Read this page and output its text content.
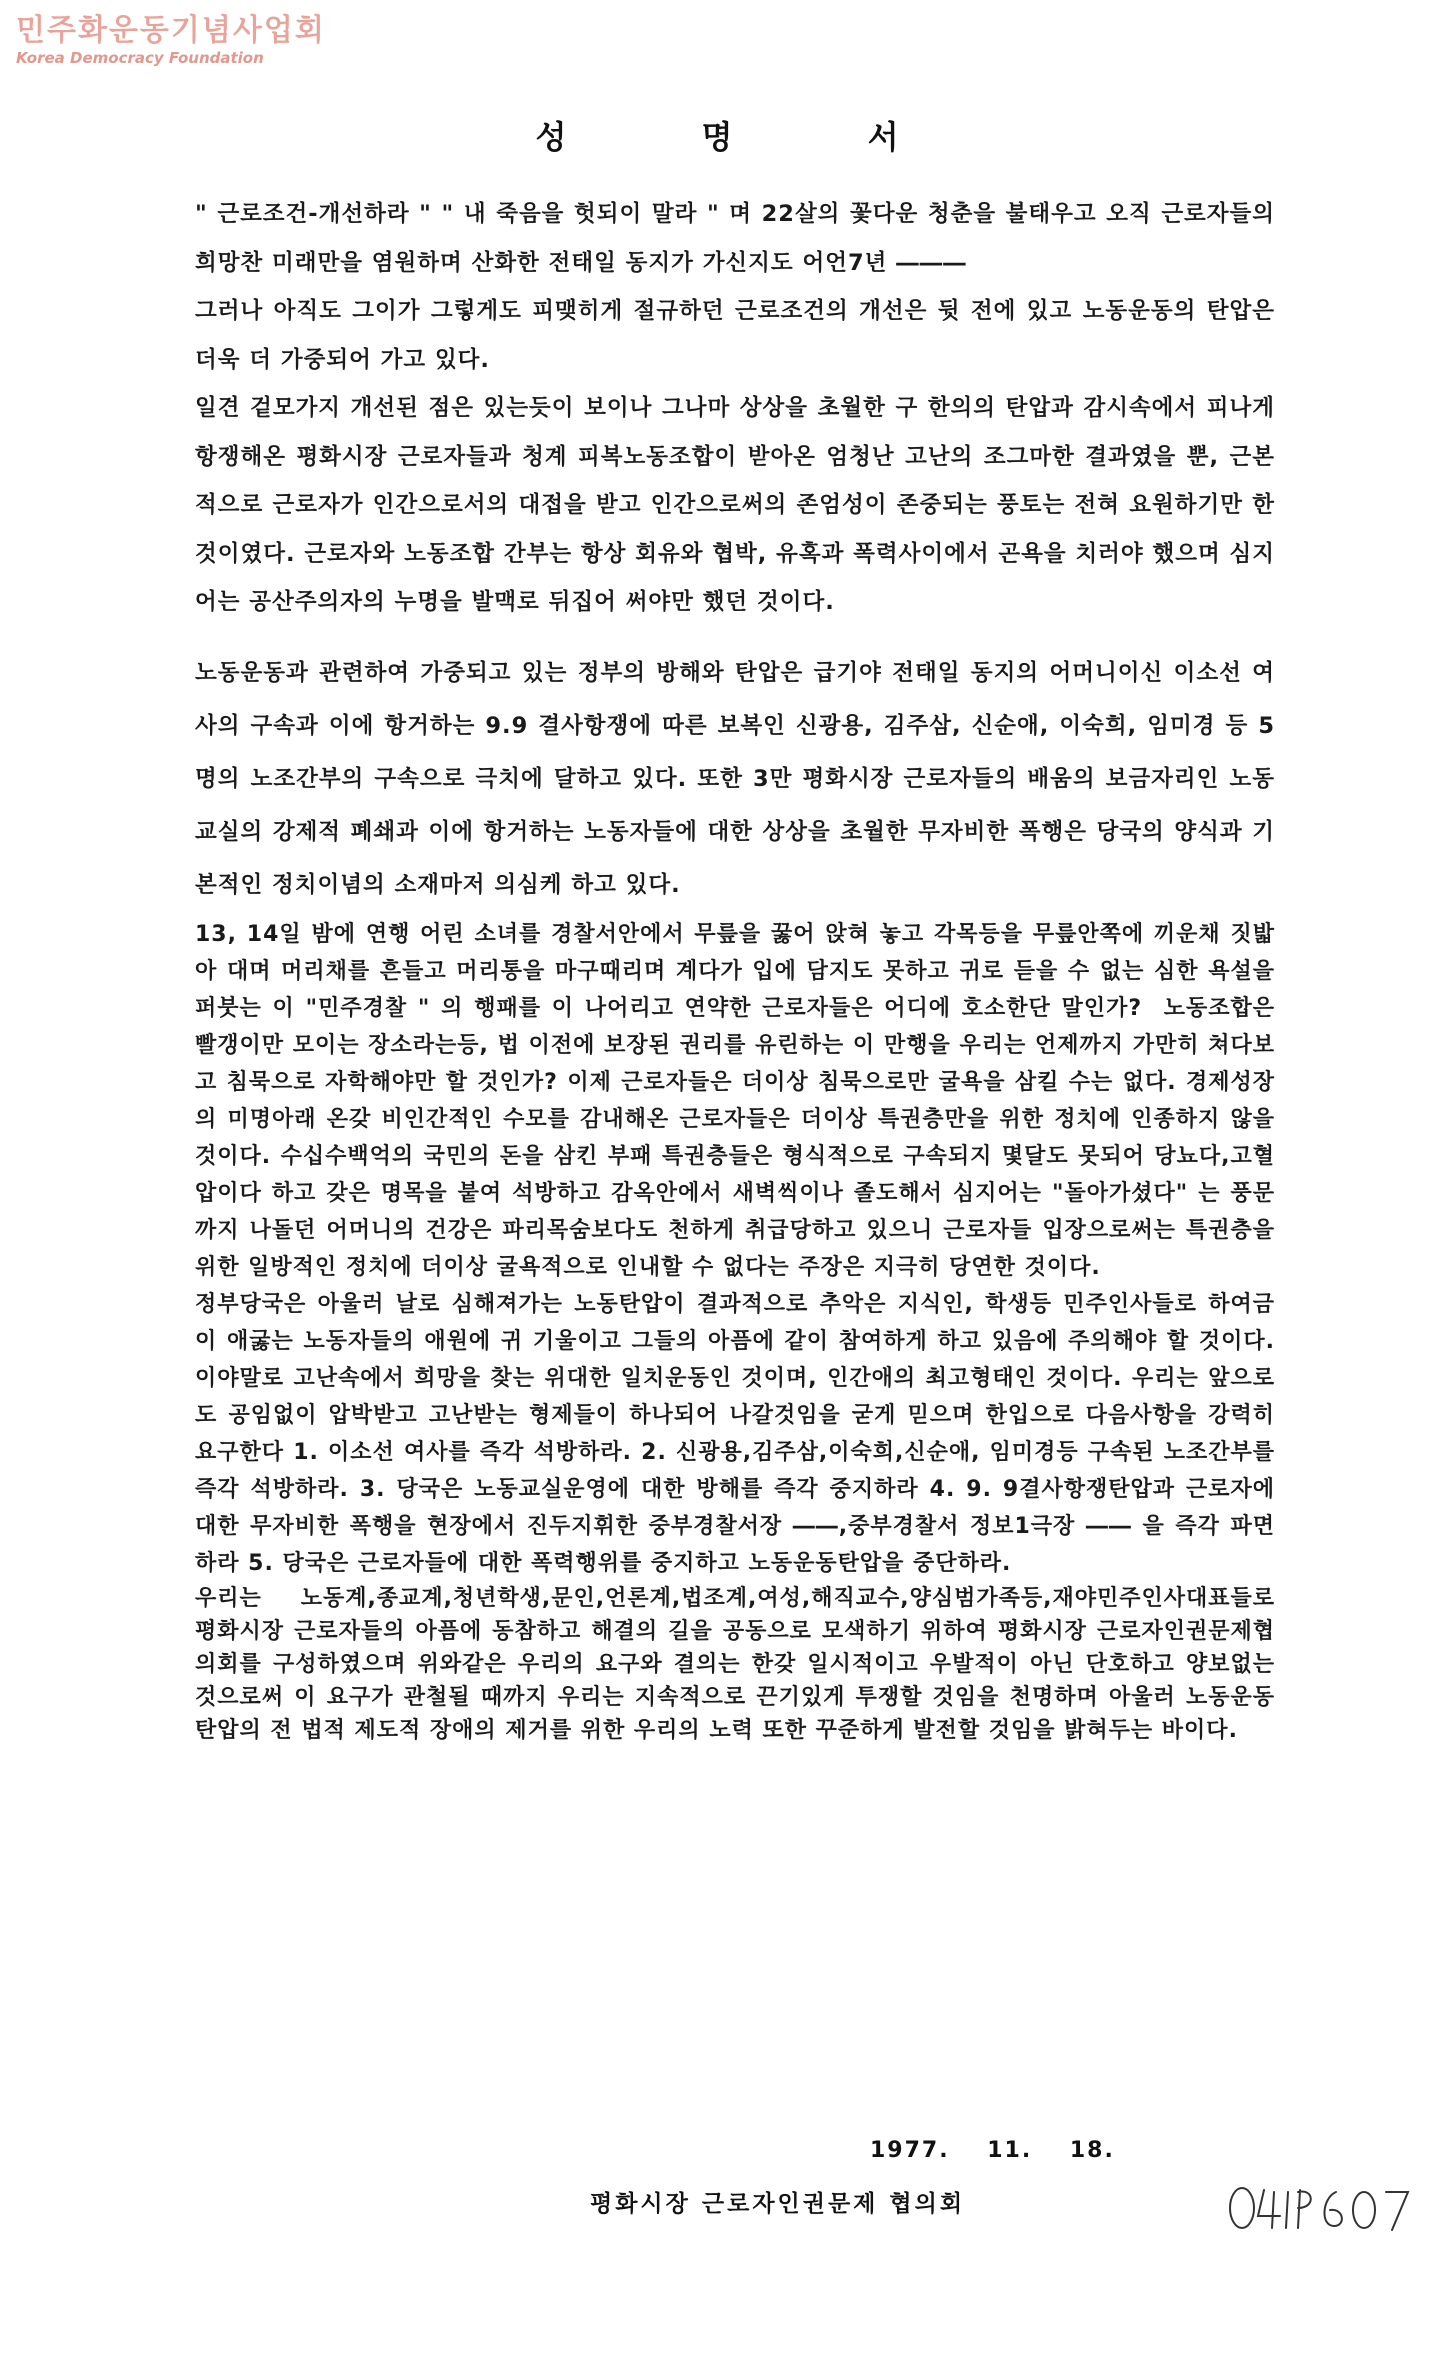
민주화운동기념사업회
Korea Democracy Foundation
성 명 서

" 근로조건-개선하라 " " 내 죽음을 헛되이 말라 " 며 22살의 꽃다운 청춘을 불태우고 오직 근로자들의 희망찬 미래만을 염원하며 산화한 전태일 동지가 가신지도 어언7년 ―――

그러나 아직도 그이가 그렇게도 피맺히게 절규하던 근로조건의 개선은 뒷 전에 있고 노동운동의 탄압은 더욱 더 가중되어 가고 있다.

일견 겉모가지 개선된 점은 있는듯이 보이나 그나마 상상을 초월한 구 한의의 탄압과 감시속에서 피나게 항쟁해온 평화시장 근로자들과 청계 피복노동조합이 받아온 엄청난 고난의 조그마한 결과였을 뿐, 근본적으로 근로자가 인간으로서의 대접을 받고 인간으로써의 존엄성이 존중되는 풍토는 전혀 요원하기만 한 것이였다. 근로자와 노동조합 간부는 항상 회유와 협박, 유혹과 폭력사이에서 곤욕을 치러야 했으며 심지어는 공산주의자의 누명을 발맥로 뒤집어 써야만 했던 것이다.

노동운동과 관련하여 가중되고 있는 정부의 방해와 탄압은 급기야 전태일 동지의 어머니이신 이소선 여사의 구속과 이에 항거하는 9.9 결사항쟁에 따른 보복인 신광용, 김주삼, 신순애, 이숙희, 임미경 등 5명의 노조간부의 구속으로 극치에 달하고 있다. 또한 3만 평화시장 근로자들의 배움의 보금자리인 노동교실의 강제적 폐쇄과 이에 항거하는 노동자들에 대한 상상을 초월한 무자비한 폭행은 당국의 양식과 기본적인 정치이념의 소재마저 의심케 하고 있다.

13, 14일 밤에 연행 어린 소녀를 경찰서안에서 무릎을 꿇어 앉혀 놓고 각목등을 무릎안쪽에 끼운채 짓밟아 대며 머리채를 흔들고 머리통을 마구때리며 계다가 입에 담지도 못하고 귀로 듣을 수 없는 심한 욕설을 퍼붓는 이 "민주경찰 " 의 행패를 이 나어리고 연약한 근로자들은 어디에 호소한단 말인가?  노동조합은 빨갱이만 모이는 장소라는등, 법 이전에 보장된 권리를 유린하는 이 만행을 우리는 언제까지 가만히 쳐다보고 침묵으로 자학해야만 할 것인가? 이제 근로자들은 더이상 침묵으로만 굴욕을 삼킬 수는 없다. 경제성장의 미명아래 온갖 비인간적인 수모를 감내해온 근로자들은 더이상 특권층만을 위한 정치에 인종하지 않을 것이다. 수십수백억의 국민의 돈을 삼킨 부패 특권층들은 형식적으로 구속되지 몇달도 못되어 당뇨다,고혈압이다 하고 갖은 명목을 붙여 석방하고 감옥안에서 새벽씩이나 졸도해서 심지어는 "돌아가셨다" 는 풍문까지 나돌던 어머니의 건강은 파리목숨보다도 천하게 취급당하고 있으니 근로자들 입장으로써는 특권층을 위한 일방적인 정치에 더이상 굴욕적으로 인내할 수 없다는 주장은 지극히 당연한 것이다.

정부당국은 아울러 날로 심해져가는 노동탄압이 결과적으로 추악은 지식인, 학생등 민주인사들로 하여금 이 애굻는 노동자들의 애원에 귀 기울이고 그들의 아픔에 같이 참여하게 하고 있음에 주의해야 할 것이다. 이야말로 고난속에서 희망을 찾는 위대한 일치운동인 것이며, 인간애의 최고형태인 것이다. 우리는 앞으로도 공임없이 압박받고 고난받는 형제들이 하나되어 나갈것임을 굳게 믿으며 한입으로 다음사항을 강력히 요구한다 1. 이소선 여사를 즉각 석방하라. 2. 신광용,김주삼,이숙희,신순애, 임미경등 구속된 노조간부를 즉각 석방하라. 3. 당국은 노동교실운영에 대한 방해를 즉각 중지하라 4. 9. 9결사항쟁탄압과 근로자에 대한 무자비한 폭행을 현장에서 진두지휘한 중부경찰서장 ――,중부경찰서 정보1극장 ―― 을 즉각 파면하라 5. 당국은 근로자들에 대한 폭력행위를 중지하고 노동운동탄압을 중단하라.

우리는 노동계,종교계,청년학생,문인,언론계,법조계,여성,해직교수,양심범가족등,재야민주인사대표들로 평화시장 근로자들의 아픔에 동참하고 해결의 길을 공동으로 모색하기 위하여 평화시장 근로자인권문제협의회를 구성하였으며 위와같은 우리의 요구와 결의는 한갖 일시적이고 우발적이 아닌 단호하고 양보없는 것으로써 이 요구가 관철될 때까지 우리는 지속적으로 끈기있게 투쟁할 것임을 천명하며 아울러 노동운동 탄압의 전 법적 제도적 장애의 제거를 위한 우리의 노력 또한 꾸준하게 발전할 것임을 밝혀두는 바이다.

1977. 11. 18.
평화시장 근로자인권문제 협의회
